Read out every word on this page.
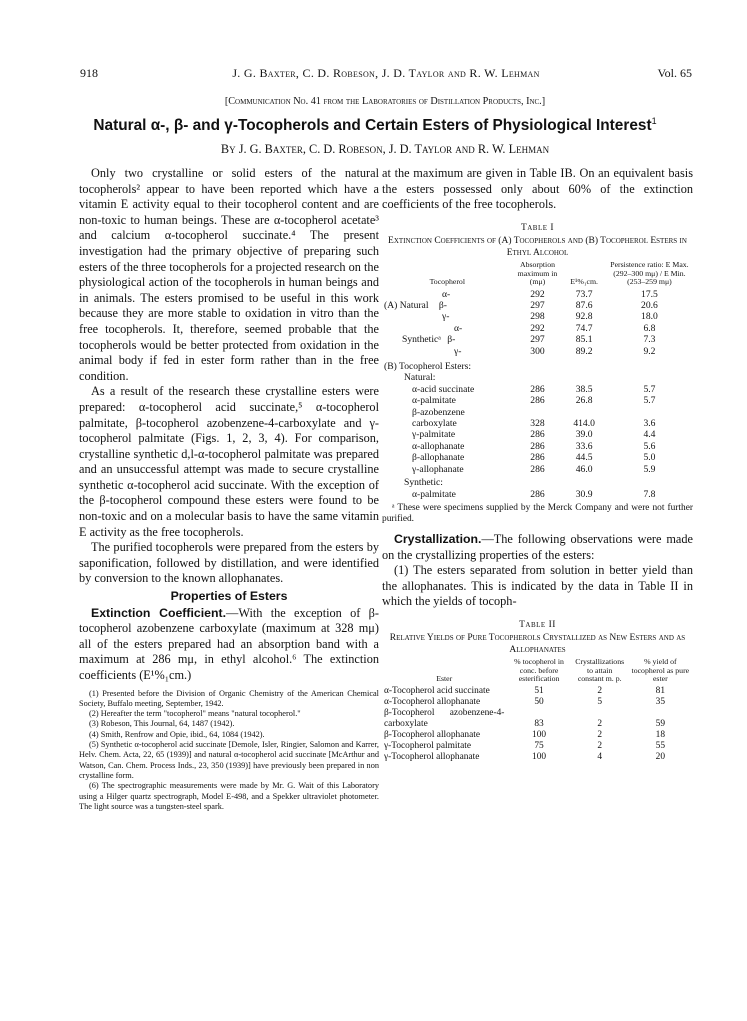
918	J. G. Baxter, C. D. Robeson, J. D. Taylor and R. W. Lehman	Vol. 65
[Communication No. 41 from the Laboratories of Distillation Products, Inc.]
Natural α-, β- and γ-Tocopherols and Certain Esters of Physiological Interest$^1$
By J. G. Baxter, C. D. Robeson, J. D. Taylor and R. W. Lehman

Only two crystalline or solid esters of the natural tocopherols² appear to have been reported which have a vitamin E activity equal to their tocopherol content and are non-toxic to human beings. These are α-tocopherol acetate³ and calcium α-tocopherol succinate.⁴ The present investigation had the primary objective of preparing such esters of the three tocopherols for a projected research on the physiological action of the tocopherols in human beings and in animals. The esters promised to be useful in this work because they are more stable to oxidation in vitro than the free tocopherols. It, therefore, seemed probable that the tocopherols would be better protected from oxidation in the animal body if fed in ester form rather than in the free condition.

As a result of the research these crystalline esters were prepared: α-tocopherol acid succinate,⁵ α-tocopherol palmitate, β-tocopherol azobenzene-4-carboxylate and γ-tocopherol palmitate (Figs. 1, 2, 3, 4). For comparison, crystalline synthetic d,l-α-tocopherol palmitate was prepared and an unsuccessful attempt was made to secure crystalline synthetic α-tocopherol acid succinate. With the exception of the β-tocopherol compound these esters were found to be non-toxic and on a molecular basis to have the same vitamin E activity as the free tocopherols.

The purified tocopherols were prepared from the esters by saponification, followed by distillation, and were identified by conversion to the known allophanates.

Properties of Esters

Extinction Coefficient.—With the exception of β-tocopherol azobenzene carboxylate (maximum at 328 mμ) all of the esters prepared had an absorption band with a maximum at 286 mμ, in ethyl alcohol.⁶ The extinction coefficients (E¹%₁cm.)

(1) Presented before the Division of Organic Chemistry of the American Chemical Society, Buffalo meeting, September, 1942.
(2) Hereafter the term "tocopherol" means "natural tocopherol."
(3) Robeson, This Journal, 64, 1487 (1942).
(4) Smith, Renfrow and Opie, ibid., 64, 1084 (1942).
(5) Synthetic α-tocopherol acid succinate [Demole, Isler, Ringier, Salomon and Karrer, Helv. Chem. Acta, 22, 65 (1939)] and natural α-tocopherol acid succinate [McArthur and Watson, Can. Chem. Process Inds., 23, 350 (1939)] have previously been prepared in non crystalline form.
(6) The spectrographic measurements were made by Mr. G. Wait of this Laboratory using a Hilger quartz spectrograph, Model E-498, and a Spekker ultraviolet photometer. The light source was a tungsten-steel spark.

at the maximum are given in Table IB. On an equivalent basis the esters possessed only about 60% of the extinction coefficients of the free tocopherols.

Table I
Extinction Coefficients of (A) Tocopherols and (B) Tocopherol Esters in Ethyl Alcohol
Tocopherol	Absorption maximum in (mμ)	E¹%₁cm.	Persistence ratio: E Max. (292–300 mμ) / E Min. (253–259 mμ)
α-	292	73.7	17.5
(A) Natural β-	297	87.6	20.6
γ-	298	92.8	18.0
α-	292	74.7	6.8
Syntheticᵃ β-	297	85.1	7.3
γ-	300	89.2	9.2
(B) Tocopherol Esters:			
Natural:			
α-acid succinate	286	38.5	5.7
α-palmitate	286	26.8	5.7
β-azobenzene carboxylate	328	414.0	3.6
γ-palmitate	286	39.0	4.4
α-allophanate	286	33.6	5.6
β-allophanate	286	44.5	5.0
γ-allophanate	286	46.0	5.9
Synthetic:			
α-palmitate	286	30.9	7.8
ᵃ These were specimens supplied by the Merck Company and were not further purified.

Crystallization.—The following observations were made on the crystallizing properties of the esters:

(1) The esters separated from solution in better yield than the allophanates. This is indicated by the data in Table II in which the yields of tocoph-

Table II
Relative Yields of Pure Tocopherols Crystallized as New Esters and as Allophanates
Ester	% tocopherol in conc. before esterification	Crystallizations to attain constant m. p.	% yield of tocopherol as pure ester
α-Tocopherol acid succinate	51	2	81
α-Tocopherol allophanate	50	5	35
β-Tocopherol azobenzene-4-carboxylate	83	2	59
β-Tocopherol allophanate	100	2	18
γ-Tocopherol palmitate	75	2	55
γ-Tocopherol allophanate	100	4	20
